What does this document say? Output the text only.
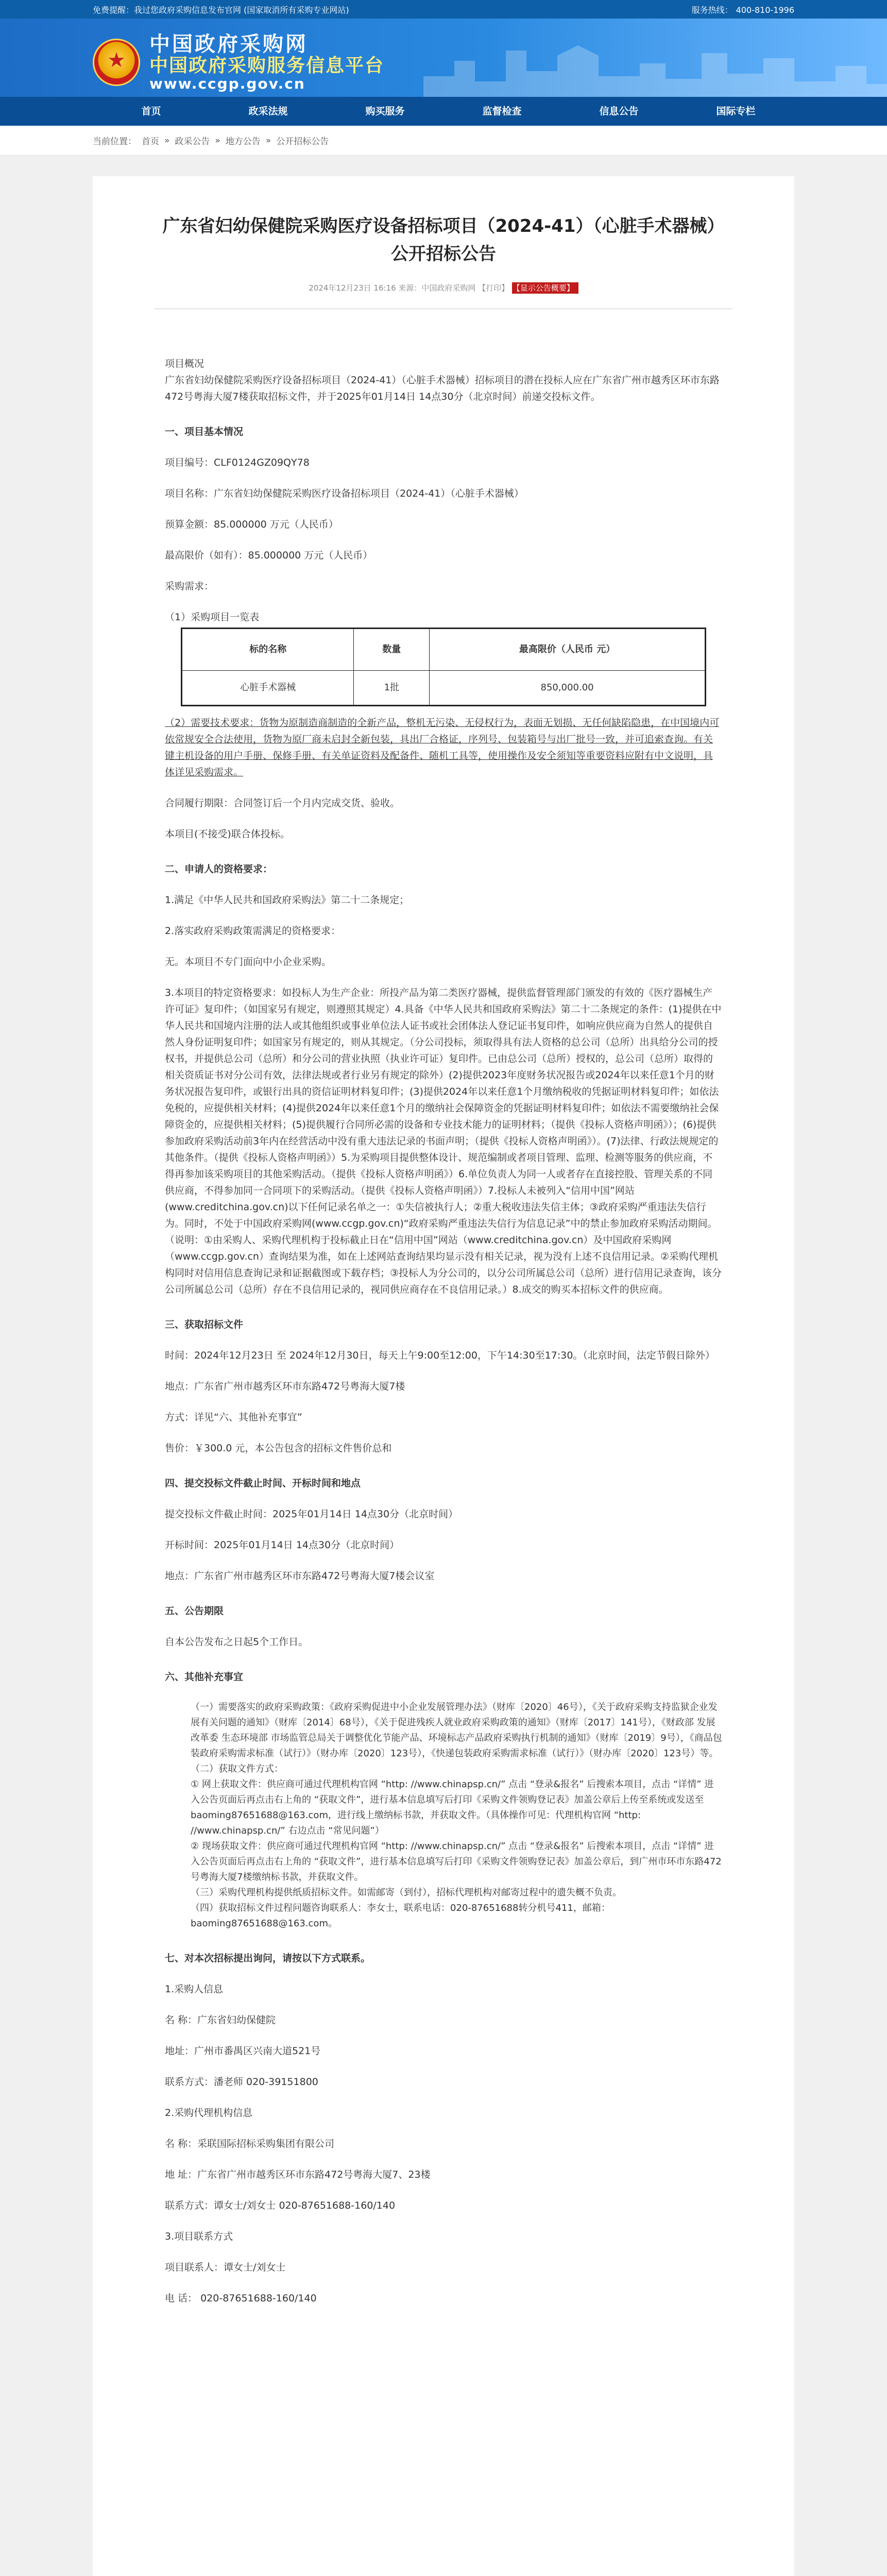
免费提醒：我过您政府采购信息发布官网 (国家取消所有采购专业网站)	服务热线： 400-810-1996
★
中国政府采购网
中国政府采购服务信息平台
www.ccgp.gov.cn
首页	政采法规	购买服务	监督检查	信息公告	国际专栏
当前位置： 首页 » 政采公告 » 地方公告 » 公开招标公告
广东省妇幼保健院采购医疗设备招标项目（2024-41）（心脏手术器械）公开招标公告
2024年12月23日 16:16 来源：中国政府采购网 【打印】 【显示公告概要】

项目概况

广东省妇幼保健院采购医疗设备招标项目（2024-41）（心脏手术器械）招标项目的潜在投标人应在广东省广州市越秀区环市东路472号粤海大厦7楼获取招标文件，并于2025年01月14日 14点30分（北京时间）前递交投标文件。

一、项目基本情况

项目编号：CLF0124GZ09QY78

项目名称：广东省妇幼保健院采购医疗设备招标项目（2024-41）（心脏手术器械）

预算金额：85.000000 万元（人民币）

最高限价（如有）：85.000000 万元（人民币）

采购需求：

（1）采购项目一览表

标的名称	数量	最高限价（人民币 元）
心脏手术器械	1批	850,000.00

（2）需要技术要求：货物为原制造商制造的全新产品，整机无污染、无侵权行为，表面无划损、无任何缺陷隐患，在中国境内可依常规安全合法使用，货物为原厂商未启封全新包装，具出厂合格证，序列号、包装箱号与出厂批号一致，并可追索查询。有关键主机设备的用户手册、保修手册、有关单证资料及配备件、随机工具等，使用操作及安全须知等重要资料应附有中文说明，具体详见采购需求。

合同履行期限：合同签订后一个月内完成交货、验收。

本项目(不接受)联合体投标。

二、申请人的资格要求：

1.满足《中华人民共和国政府采购法》第二十二条规定；

2.落实政府采购政策需满足的资格要求：

无。本项目不专门面向中小企业采购。

3.本项目的特定资格要求：如投标人为生产企业：所投产品为第二类医疗器械，提供监督管理部门颁发的有效的《医疗器械生产许可证》复印件；（如国家另有规定，则遵照其规定）4.具备《中华人民共和国政府采购法》第二十二条规定的条件：(1)提供在中华人民共和国境内注册的法人或其他组织或事业单位法人证书或社会团体法人登记证书复印件，如响应供应商为自然人的提供自然人身份证明复印件；如国家另有规定的，则从其规定。（分公司投标，须取得具有法人资格的总公司（总所）出具给分公司的授权书，并提供总公司（总所）和分公司的营业执照（执业许可证）复印件。已由总公司（总所）授权的，总公司（总所）取得的相关资质证书对分公司有效，法律法规或者行业另有规定的除外）(2)提供2023年度财务状况报告或2024年以来任意1个月的财务状况报告复印件，或银行出具的资信证明材料复印件；(3)提供2024年以来任意1个月缴纳税收的凭据证明材料复印件；如依法免税的，应提供相关材料；(4)提供2024年以来任意1个月的缴纳社会保障资金的凭据证明材料复印件；如依法不需要缴纳社会保障资金的，应提供相关材料；(5)提供履行合同所必需的设备和专业技术能力的证明材料；（提供《投标人资格声明函》）；(6)提供参加政府采购活动前3年内在经营活动中没有重大违法记录的书面声明；（提供《投标人资格声明函》）。(7)法律、行政法规规定的其他条件。（提供《投标人资格声明函》）5.为采购项目提供整体设计、规范编制或者项目管理、监理、检测等服务的供应商，不得再参加该采购项目的其他采购活动。（提供《投标人资格声明函》）6.单位负责人为同一人或者存在直接控股、管理关系的不同供应商，不得参加同一合同项下的采购活动。（提供《投标人资格声明函》）7.投标人未被列入“信用中国”网站(www.creditchina.gov.cn)以下任何记录名单之一：①失信被执行人；②重大税收违法失信主体；③政府采购严重违法失信行为。同时，不处于中国政府采购网(www.ccgp.gov.cn)“政府采购严重违法失信行为信息记录”中的禁止参加政府采购活动期间。（说明：①由采购人、采购代理机构于投标截止日在“信用中国”网站（www.creditchina.gov.cn）及中国政府采购网（www.ccgp.gov.cn）查询结果为准，如在上述网站查询结果均显示没有相关记录，视为没有上述不良信用记录。②采购代理机构同时对信用信息查询记录和证据截图或下载存档；③投标人为分公司的，以分公司所属总公司（总所）进行信用记录查询，该分公司所属总公司（总所）存在不良信用记录的，视同供应商存在不良信用记录。）8.成交的购买本招标文件的供应商。

三、获取招标文件

时间：2024年12月23日 至 2024年12月30日，每天上午9:00至12:00，下午14:30至17:30。（北京时间，法定节假日除外）

地点：广东省广州市越秀区环市东路472号粤海大厦7楼

方式：详见“六、其他补充事宜”

售价：￥300.0 元，本公告包含的招标文件售价总和

四、提交投标文件截止时间、开标时间和地点

提交投标文件截止时间：2025年01月14日 14点30分（北京时间）

开标时间：2025年01月14日 14点30分（北京时间）

地点：广东省广州市越秀区环市东路472号粤海大厦7楼会议室

五、公告期限

自本公告发布之日起5个工作日。

六、其他补充事宜

（一）需要落实的政府采购政策：《政府采购促进中小企业发展管理办法》（财库〔2020〕46号），《关于政府采购支持监狱企业发展有关问题的通知》（财库〔2014〕68号），《关于促进残疾人就业政府采购政策的通知》（财库〔2017〕141号），《财政部 发展改革委 生态环境部 市场监管总局关于调整优化节能产品、环境标志产品政府采购执行机制的通知》（财库〔2019〕9号），《商品包装政府采购需求标准（试行）》（财办库〔2020〕123号），《快递包装政府采购需求标准（试行）》（财办库〔2020〕123号）等。

（二）获取文件方式：

① 网上获取文件：供应商可通过代理机构官网 “http: //www.chinapsp.cn/” 点击 “登录&报名” 后搜索本项目，点击 “详情” 进入公告页面后再点击右上角的 “获取文件”，进行基本信息填写后打印《采购文件领购登记表》加盖公章后上传至系统或发送至baoming87651688@163.com，进行线上缴纳标书款，并获取文件。（具体操作可见：代理机构官网 “http: //www.chinapsp.cn/” 右边点击 “常见问题”）

② 现场获取文件：供应商可通过代理机构官网 “http: //www.chinapsp.cn/” 点击 “登录&报名” 后搜索本项目，点击 “详情” 进入公告页面后再点击右上角的 “获取文件”，进行基本信息填写后打印《采购文件领购登记表》加盖公章后，到广州市环市东路472号粤海大厦7楼缴纳标书款，并获取文件。

（三）采购代理机构提供纸质招标文件。如需邮寄（到付），招标代理机构对邮寄过程中的遗失概不负责。

（四）获取招标文件过程问题咨询联系人：李女士，联系电话：020-87651688转分机号411，邮箱：baoming87651688@163.com。

七、对本次招标提出询问，请按以下方式联系。

1.采购人信息

名 称：广东省妇幼保健院

地址：广州市番禺区兴南大道521号

联系方式：潘老师 020-39151800

2.采购代理机构信息

名 称：采联国际招标采购集团有限公司

地 址：广东省广州市越秀区环市东路472号粤海大厦7、23楼

联系方式：谭女士/刘女士 020-87651688-160/140

3.项目联系方式

项目联系人：谭女士/刘女士

电 话： 020-87651688-160/140
